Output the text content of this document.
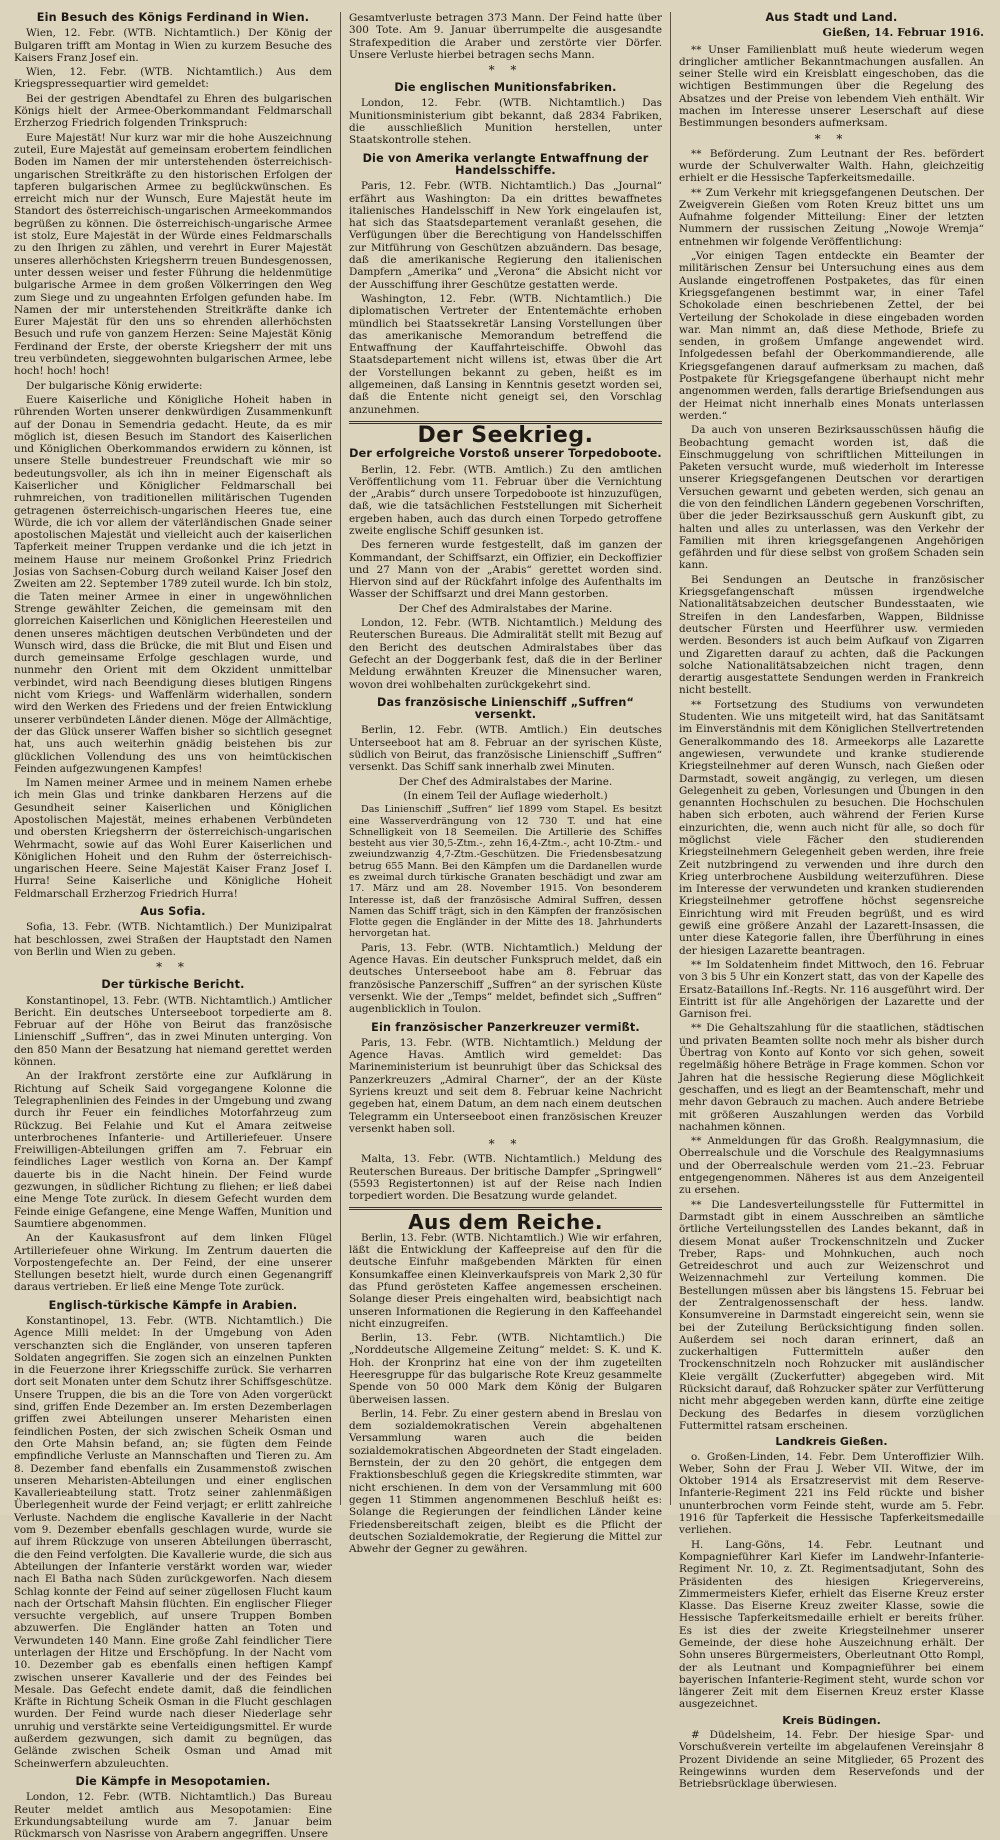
Ein Besuch des Königs Ferdinand in Wien.

Wien, 12. Febr. (WTB. Nichtamtlich.) Der König der Bulgaren trifft am Montag in Wien zu kurzem Besuche des Kaisers Franz Josef ein.

Wien, 12. Febr. (WTB. Nichtamtlich.) Aus dem Kriegspressequartier wird gemeldet:

Bei der gestrigen Abendtafel zu Ehren des bulgarischen Königs hielt der Armee-Oberkommandant Feldmarschall Erzherzog Friedrich folgenden Trinkspruch:

Eure Majestät! Nur kurz war mir die hohe Auszeichnung zuteil, Eure Majestät auf gemeinsam erobertem feindlichen Boden im Namen der mir unterstehenden österreichisch-ungarischen Streitkräfte zu den historischen Erfolgen der tapferen bulgarischen Armee zu beglückwünschen. Es erreicht mich nur der Wunsch, Eure Majestät heute im Standort des österreichisch-ungarischen Armeekommandos begrüßen zu können. Die österreichisch-ungarische Armee ist stolz, Eure Majestät in der Würde eines Feldmarschalls zu den Ihrigen zu zählen, und verehrt in Eurer Majestät unseres allerhöchsten Kriegsherrn treuen Bundesgenossen, unter dessen weiser und fester Führung die heldenmütige bulgarische Armee in dem großen Völkerringen den Weg zum Siege und zu ungeahnten Erfolgen gefunden habe. Im Namen der mir unterstehenden Streitkräfte danke ich Eurer Majestät für den uns so ehrenden allerhöchsten Besuch und rufe von ganzem Herzen: Seine Majestät König Ferdinand der Erste, der oberste Kriegsherr der mit uns treu verbündeten, sieggewohnten bulgarischen Armee, lebe hoch! hoch! hoch!

Der bulgarische König erwiderte:

Euere Kaiserliche und Königliche Hoheit haben in rührenden Worten unserer denkwürdigen Zusammenkunft auf der Donau in Semendria gedacht. Heute, da es mir möglich ist, diesen Besuch im Standort des Kaiserlichen und Königlichen Oberkommandos erwidern zu können, ist unsere Stelle bundestreuer Freundschaft wie mir so bedeutungsvoller, als ich ihn in meiner Eigenschaft als Kaiserlicher und Königlicher Feldmarschall bei ruhmreichen, von traditionellen militärischen Tugenden getragenen österreichisch-ungarischen Heeres tue, eine Würde, die ich vor allem der väterländischen Gnade seiner apostolischen Majestät und vielleicht auch der kaiserlichen Tapferkeit meiner Truppen verdanke und die ich jetzt in meinem Hause nur meinem Großonkel Prinz Friedrich Josias von Sachsen-Coburg durch weiland Kaiser Josef den Zweiten am 22. September 1789 zuteil wurde. Ich bin stolz, die Taten meiner Armee in einer in ungewöhnlichen Strenge gewählter Zeichen, die gemeinsam mit den glorreichen Kaiserlichen und Königlichen Heeresteilen und denen unseres mächtigen deutschen Verbündeten und der Wunsch wird, dass die Brücke, die mit Blut und Eisen und durch gemeinsame Erfolge geschlagen wurde, und nunmehr den Orient mit dem Okzident unmittelbar verbindet, wird nach Beendigung dieses blutigen Ringens nicht vom Kriegs- und Waffenlärm widerhallen, sondern wird den Werken des Friedens und der freien Entwicklung unserer verbündeten Länder dienen. Möge der Allmächtige, der das Glück unserer Waffen bisher so sichtlich gesegnet hat, uns auch weiterhin gnädig beistehen bis zur glücklichen Vollendung des uns von heimtückischen Feinden aufgezwungenen Kampfes!

Im Namen meiner Armee und in meinem Namen erhebe ich mein Glas und trinke dankbaren Herzens auf die Gesundheit seiner Kaiserlichen und Königlichen Apostolischen Majestät, meines erhabenen Verbündeten und obersten Kriegsherrn der österreichisch-ungarischen Wehrmacht, sowie auf das Wohl Eurer Kaiserlichen und Königlichen Hoheit und den Ruhm der österreichisch-ungarischen Heere. Seine Majestät Kaiser Franz Josef I. Hurra! Seine Kaiserliche und Königliche Hoheit Feldmarschall Erzherzog Friedrich Hurra!

Aus Sofia.

Sofia, 13. Febr. (WTB. Nichtamtlich.) Der Munizipalrat hat beschlossen, zwei Straßen der Hauptstadt den Namen von Berlin und Wien zu geben.

* *
Der türkische Bericht.

Konstantinopel, 13. Febr. (WTB. Nichtamtlich.) Amtlicher Bericht. Ein deutsches Unterseeboot torpedierte am 8. Februar auf der Höhe von Beirut das französische Linienschiff „Suffren“, das in zwei Minuten unterging. Von den 850 Mann der Besatzung hat niemand gerettet werden können.

An der Irakfront zerstörte eine zur Aufklärung in Richtung auf Scheik Said vorgegangene Kolonne die Telegraphenlinien des Feindes in der Umgebung und zwang durch ihr Feuer ein feindliches Motorfahrzeug zum Rückzug. Bei Felahie und Kut el Amara zeitweise unterbrochenes Infanterie- und Artilleriefeuer. Unsere Freiwilligen-Abteilungen griffen am 7. Februar ein feindliches Lager westlich von Korna an. Der Kampf dauerte bis in die Nacht hinein. Der Feind wurde gezwungen, in südlicher Richtung zu fliehen; er ließ dabei eine Menge Tote zurück. In diesem Gefecht wurden dem Feinde einige Gefangene, eine Menge Waffen, Munition und Saumtiere abgenommen.

An der Kaukasusfront auf dem linken Flügel Artilleriefeuer ohne Wirkung. Im Zentrum dauerten die Vorpostengefechte an. Der Feind, der eine unserer Stellungen besetzt hielt, wurde durch einen Gegenangriff daraus vertrieben. Er ließ eine Menge Tote zurück.

Englisch-türkische Kämpfe in Arabien.

Konstantinopel, 13. Febr. (WTB. Nichtamtlich.) Die Agence Milli meldet: In der Umgebung von Aden verschanzten sich die Engländer, von unseren tapferen Soldaten angegriffen. Sie zogen sich an einzelnen Punkten in die Feuerzone ihrer Kriegsschiffe zurück. Sie verharren dort seit Monaten unter dem Schutz ihrer Schiffsgeschütze. Unsere Truppen, die bis an die Tore von Aden vorgerückt sind, griffen Ende Dezember an. Im ersten Dezemberlagen griffen zwei Abteilungen unserer Meharisten einen feindlichen Posten, der sich zwischen Scheik Osman und den Orte Mahsin befand, an; sie fügten dem Feinde empfindliche Verluste an Mannschaften und Tieren zu. Am 8. Dezember fand ebenfalls ein Zusammenstoß zwischen unseren Meharisten-Abteilungen und einer englischen Kavallerieabteilung statt. Trotz seiner zahlenmäßigen Überlegenheit wurde der Feind verjagt; er erlitt zahlreiche Verluste. Nachdem die englische Kavallerie in der Nacht vom 9. Dezember ebenfalls geschlagen wurde, wurde sie auf ihrem Rückzuge von unseren Abteilungen überrascht, die den Feind verfolgten. Die Kavallerie wurde, die sich aus Abteilungen der Infanterie verstärkt worden war, wieder nach El Batha nach Süden zurückgeworfen. Nach diesem Schlag konnte der Feind auf seiner zügellosen Flucht kaum nach der Ortschaft Mahsin flüchten. Ein englischer Flieger versuchte vergeblich, auf unsere Truppen Bomben abzuwerfen. Die Engländer hatten an Toten und Verwundeten 140 Mann. Eine große Zahl feindlicher Tiere unterlagen der Hitze und Erschöpfung. In der Nacht vom 10. Dezember gab es ebenfalls einen heftigen Kampf zwischen unserer Kavallerie und der des Feindes bei Mesale. Das Gefecht endete damit, daß die feindlichen Kräfte in Richtung Scheik Osman in die Flucht geschlagen wurden. Der Feind wurde nach dieser Niederlage sehr unruhig und verstärkte seine Verteidigungsmittel. Er wurde außerdem gezwungen, sich damit zu begnügen, das Gelände zwischen Scheik Osman und Amad mit Scheinwerfern abzuleuchten.

Die Kämpfe in Mesopotamien.

London, 12. Febr. (WTB. Nichtamtlich.) Das Bureau Reuter meldet amtlich aus Mesopotamien: Eine Erkundungsabteilung wurde am 7. Januar beim Rückmarsch von Nasrisse von Arabern angegriffen. Unsere

Gesamtverluste betragen 373 Mann. Der Feind hatte über 300 Tote. Am 9. Januar überrumpelte die ausgesandte Strafexpedition die Araber und zerstörte vier Dörfer. Unsere Verluste hierbei betragen sechs Mann.

* *
Die englischen Munitionsfabriken.

London, 12. Febr. (WTB. Nichtamtlich.) Das Munitionsministerium gibt bekannt, daß 2834 Fabriken, die ausschließlich Munition herstellen, unter Staatskontrolle stehen.

Die von Amerika verlangte Entwaffnung der Handelsschiffe.

Paris, 12. Febr. (WTB. Nichtamtlich.) Das „Journal“ erfährt aus Washington: Da ein drittes bewaffnetes italienisches Handelsschiff in New York eingelaufen ist, hat sich das Staatsdepartement veranlaßt gesehen, die Verfügungen über die Berechtigung von Handelsschiffen zur Mitführung von Geschützen abzuändern. Das besage, daß die amerikanische Regierung den italienischen Dampfern „Amerika“ und „Verona“ die Absicht nicht vor der Ausschiffung ihrer Geschütze gestatten werde.

Washington, 12. Febr. (WTB. Nichtamtlich.) Die diplomatischen Vertreter der Ententemächte erhoben mündlich bei Staatssekretär Lansing Vorstellungen über das amerikanische Memorandum betreffend die Entwaffnung der Kauffahrteischiffe. Obwohl das Staatsdepartement nicht willens ist, etwas über die Art der Vorstellungen bekannt zu geben, heißt es im allgemeinen, daß Lansing in Kenntnis gesetzt worden sei, daß die Entente nicht geneigt sei, den Vorschlag anzunehmen.

Der Seekrieg.
Der erfolgreiche Vorstoß unserer Torpedoboote.

Berlin, 12. Febr. (WTB. Amtlich.) Zu den amtlichen Veröffentlichung vom 11. Februar über die Vernichtung der „Arabis“ durch unsere Torpedoboote ist hinzuzufügen, daß, wie die tatsächlichen Feststellungen mit Sicherheit ergeben haben, auch das durch einen Torpedo getroffene zweite englische Schiff gesunken ist.

Des ferneren wurde festgestellt, daß im ganzen der Kommandant, der Schiffsarzt, ein Offizier, ein Deckoffizier und 27 Mann von der „Arabis“ gerettet worden sind. Hiervon sind auf der Rückfahrt infolge des Aufenthalts im Wasser der Schiffsarzt und drei Mann gestorben.

Der Chef des Admiralstabes der Marine.

London, 12. Febr. (WTB. Nichtamtlich.) Meldung des Reuterschen Bureaus. Die Admiralität stellt mit Bezug auf den Bericht des deutschen Admiralstabes über das Gefecht an der Doggerbank fest, daß die in der Berliner Meldung erwähnten Kreuzer die Minensucher waren, wovon drei wohlbehalten zurückgekehrt sind.

Das französische Linienschiff „Suffren“ versenkt.

Berlin, 12. Febr. (WTB. Amtlich.) Ein deutsches Unterseeboot hat am 8. Februar an der syrischen Küste, südlich von Beirut, das französische Linienschiff „Suffren“ versenkt. Das Schiff sank innerhalb zwei Minuten.

Der Chef des Admiralstabes der Marine.

(In einem Teil der Auflage wiederholt.)

Das Linienschiff „Suffren“ lief 1899 vom Stapel. Es besitzt eine Wasserverdrängung von 12 730 T. und hat eine Schnelligkeit von 18 Seemeilen. Die Artillerie des Schiffes besteht aus vier 30,5-Ztm.-, zehn 16,4-Ztm.-, acht 10-Ztm.- und zweiundzwanzig 4,7-Ztm.-Geschützen. Die Friedensbesatzung betrug 655 Mann. Bei den Kämpfen um die Dardanellen wurde es zweimal durch türkische Granaten beschädigt und zwar am 17. März und am 28. November 1915. Von besonderem Interesse ist, daß der französische Admiral Suffren, dessen Namen das Schiff trägt, sich in den Kämpfen der französischen Flotte gegen die Engländer in der Mitte des 18. Jahrhunderts hervorgetan hat.

Paris, 13. Febr. (WTB. Nichtamtlich.) Meldung der Agence Havas. Ein deutscher Funkspruch meldet, daß ein deutsches Unterseeboot habe am 8. Februar das französische Panzerschiff „Suffren“ an der syrischen Küste versenkt. Wie der „Temps“ meldet, befindet sich „Suffren“ augenblicklich in Toulon.

Ein französischer Panzerkreuzer vermißt.

Paris, 13. Febr. (WTB. Nichtamtlich.) Meldung der Agence Havas. Amtlich wird gemeldet: Das Marineministerium ist beunruhigt über das Schicksal des Panzerkreuzers „Admiral Charner“, der an der Küste Syriens kreuzt und seit dem 8. Februar keine Nachricht gegeben hat, einem Datum, an dem nach einem deutschen Telegramm ein Unterseeboot einen französischen Kreuzer versenkt haben soll.

* *

Malta, 13. Febr. (WTB. Nichtamtlich.) Meldung des Reuterschen Bureaus. Der britische Dampfer „Springwell“ (5593 Registertonnen) ist auf der Reise nach Indien torpediert worden. Die Besatzung wurde gelandet.

Aus dem Reiche.

Berlin, 13. Febr. (WTB. Nichtamtlich.) Wie wir erfahren, läßt die Entwicklung der Kaffeepreise auf den für die deutsche Einfuhr maßgebenden Märkten für einen Konsumkaffee einen Kleinverkaufspreis von Mark 2,30 für das Pfund gerösteten Kaffee angemessen erscheinen. Solange dieser Preis eingehalten wird, beabsichtigt nach unseren Informationen die Regierung in den Kaffeehandel nicht einzugreifen.

Berlin, 13. Febr. (WTB. Nichtamtlich.) Die „Norddeutsche Allgemeine Zeitung“ meldet: S. K. und K. Hoh. der Kronprinz hat eine von der ihm zugeteilten Heeresgruppe für das bulgarische Rote Kreuz gesammelte Spende von 50 000 Mark dem König der Bulgaren überweisen lassen.

Berlin, 14. Febr. Zu einer gestern abend in Breslau von dem sozialdemokratischen Verein abgehaltenen Versammlung waren auch die beiden sozialdemokratischen Abgeordneten der Stadt eingeladen. Bernstein, der zu den 20 gehört, die entgegen dem Fraktionsbeschluß gegen die Kriegskredite stimmten, war nicht erschienen. In dem von der Versammlung mit 600 gegen 11 Stimmen angenommenen Beschluß heißt es: Solange die Regierungen der feindlichen Länder keine Friedensbereitschaft zeigen, bleibt es die Pflicht der deutschen Sozialdemokratie, der Regierung die Mittel zur Abwehr der Gegner zu gewähren.

Aus Stadt und Land.
Gießen, 14. Februar 1916.

** Unser Familienblatt muß heute wiederum wegen dringlicher amtlicher Bekanntmachungen ausfallen. An seiner Stelle wird ein Kreisblatt eingeschoben, das die wichtigen Bestimmungen über die Regelung des Absatzes und der Preise von lebendem Vieh enthält. Wir machen im Interesse unserer Leserschaft auf diese Bestimmungen besonders aufmerksam.

* *

** Beförderung. Zum Leutnant der Res. befördert wurde der Schulverwalter Walth. Hahn, gleichzeitig erhielt er die Hessische Tapferkeitsmedaille.

** Zum Verkehr mit kriegsgefangenen Deutschen. Der Zweigverein Gießen vom Roten Kreuz bittet uns um Aufnahme folgender Mitteilung: Einer der letzten Nummern der russischen Zeitung „Nowoje Wremja“ entnehmen wir folgende Veröffentlichung:

„Vor einigen Tagen entdeckte ein Beamter der militärischen Zensur bei Untersuchung eines aus dem Auslande eingetroffenen Postpaketes, das für einen Kriegsgefangenen bestimmt war, in einer Tafel Schokolade einen beschriebenen Zettel, der bei Verteilung der Schokolade in diese eingebaden worden war. Man nimmt an, daß diese Methode, Briefe zu senden, in großem Umfange angewendet wird. Infolgedessen befahl der Oberkommandierende, alle Kriegsgefangenen darauf aufmerksam zu machen, daß Postpakete für Kriegsgefangene überhaupt nicht mehr angenommen werden, falls derartige Briefsendungen aus der Heimat nicht innerhalb eines Monats unterlassen werden.“

Da auch von unseren Bezirksausschüssen häufig die Beobachtung gemacht worden ist, daß die Einschmuggelung von schriftlichen Mitteilungen in Paketen versucht wurde, muß wiederholt im Interesse unserer Kriegsgefangenen Deutschen vor derartigen Versuchen gewarnt und gebeten werden, sich genau an die von den feindlichen Ländern gegebenen Vorschriften, über die jeder Bezirksausschuß gern Auskunft gibt, zu halten und alles zu unterlassen, was den Verkehr der Familien mit ihren kriegsgefangenen Angehörigen gefährden und für diese selbst von großem Schaden sein kann.

Bei Sendungen an Deutsche in französischer Kriegsgefangenschaft müssen irgendwelche Nationalitätsabzeichen deutscher Bundesstaaten, wie Streifen in den Landesfarben, Wappen, Bildnisse deutscher Fürsten und Heerführer usw. vermieden werden. Besonders ist auch beim Aufkauf von Zigarren und Zigaretten darauf zu achten, daß die Packungen solche Nationalitätsabzeichen nicht tragen, denn derartig ausgestattete Sendungen werden in Frankreich nicht bestellt.

** Fortsetzung des Studiums von verwundeten Studenten. Wie uns mitgeteilt wird, hat das Sanitätsamt im Einverständnis mit dem Königlichen Stellvertretenden Generalkommando des 18. Armeekorps alle Lazarette angewiesen, verwundete und kranke studierende Kriegsteilnehmer auf deren Wunsch, nach Gießen oder Darmstadt, soweit angängig, zu verlegen, um diesen Gelegenheit zu geben, Vorlesungen und Übungen in den genannten Hochschulen zu besuchen. Die Hochschulen haben sich erboten, auch während der Ferien Kurse einzurichten, die, wenn auch nicht für alle, so doch für möglichst viele Fächer den studierenden Kriegsteilnehmern Gelegenheit geben werden, ihre freie Zeit nutzbringend zu verwenden und ihre durch den Krieg unterbrochene Ausbildung weiterzuführen. Diese im Interesse der verwundeten und kranken studierenden Kriegsteilnehmer getroffene höchst segensreiche Einrichtung wird mit Freuden begrüßt, und es wird gewiß eine größere Anzahl der Lazarett-Insassen, die unter diese Kategorie fallen, ihre Überführung in eines der hiesigen Lazarette beantragen.

** Im Soldatenheim findet Mittwoch, den 16. Februar von 3 bis 5 Uhr ein Konzert statt, das von der Kapelle des Ersatz-Bataillons Inf.-Regts. Nr. 116 ausgeführt wird. Der Eintritt ist für alle Angehörigen der Lazarette und der Garnison frei.

** Die Gehaltszahlung für die staatlichen, städtischen und privaten Beamten sollte noch mehr als bisher durch Übertrag von Konto auf Konto vor sich gehen, soweit regelmäßig höhere Beträge in Frage kommen. Schon vor Jahren hat die hessische Regierung diese Möglichkeit geschaffen, und es liegt an der Beamtenschaft, mehr und mehr davon Gebrauch zu machen. Auch andere Betriebe mit größeren Auszahlungen werden das Vorbild nachahmen können.

** Anmeldungen für das Großh. Realgymnasium, die Oberrealschule und die Vorschule des Realgymnasiums und der Oberrealschule werden vom 21.–23. Februar entgegengenommen. Näheres ist aus dem Anzeigenteil zu ersehen.

** Die Landesverteilungsstelle für Futtermittel in Darmstadt gibt in einem Ausschreiben an sämtliche örtliche Verteilungsstellen des Landes bekannt, daß in diesem Monat außer Trockenschnitzeln und Zucker Treber, Raps- und Mohnkuchen, auch noch Getreideschrot und auch zur Weizenschrot und Weizennachmehl zur Verteilung kommen. Die Bestellungen müssen aber bis längstens 15. Februar bei der Zentralgenossenschaft der hess. landw. Konsumvereine in Darmstadt eingereicht sein, wenn sie bei der Zuteilung Berücksichtigung finden sollen. Außerdem sei noch daran erinnert, daß an zuckerhaltigen Futtermitteln außer den Trockenschnitzeln noch Rohzucker mit ausländischer Kleie vergällt (Zuckerfutter) abgegeben wird. Mit Rücksicht darauf, daß Rohzucker später zur Verfütterung nicht mehr abgegeben werden kann, dürfte eine zeitige Deckung des Bedarfes in diesem vorzüglichen Futtermittel ratsam erscheinen.

Landkreis Gießen.

o. Großen-Linden, 14. Febr. Dem Unteroffizier Wilh. Weber, Sohn der Frau J. Weber VII. Witwe, der im Oktober 1914 als Ersatzreservist mit dem Reserve-Infanterie-Regiment 221 ins Feld rückte und bisher ununterbrochen vorm Feinde steht, wurde am 5. Febr. 1916 für Tapferkeit die Hessische Tapferkeitsmedaille verliehen.

H. Lang-Göns, 14. Febr. Leutnant und Kompagnieführer Karl Kiefer im Landwehr-Infanterie-Regiment Nr. 10, z. Zt. Regimentsadjutant, Sohn des Präsidenten des hiesigen Kriegervereins, Zimmermeisters Kiefer, erhielt das Eiserne Kreuz erster Klasse. Das Eiserne Kreuz zweiter Klasse, sowie die Hessische Tapferkeitsmedaille erhielt er bereits früher. Es ist dies der zweite Kriegsteilnehmer unserer Gemeinde, der diese hohe Auszeichnung erhält. Der Sohn unseres Bürgermeisters, Oberleutnant Otto Rompl, der als Leutnant und Kompagnieführer bei einem bayerischen Infanterie-Regiment steht, wurde schon vor längerer Zeit mit dem Eisernen Kreuz erster Klasse ausgezeichnet.

Kreis Büdingen.

# Düdelsheim, 14. Febr. Der hiesige Spar- und Vorschußverein verteilte im abgelaufenen Vereinsjahr 8 Prozent Dividende an seine Mitglieder, 65 Prozent des Reingewinns wurden dem Reservefonds und der Betriebsrücklage überwiesen.
